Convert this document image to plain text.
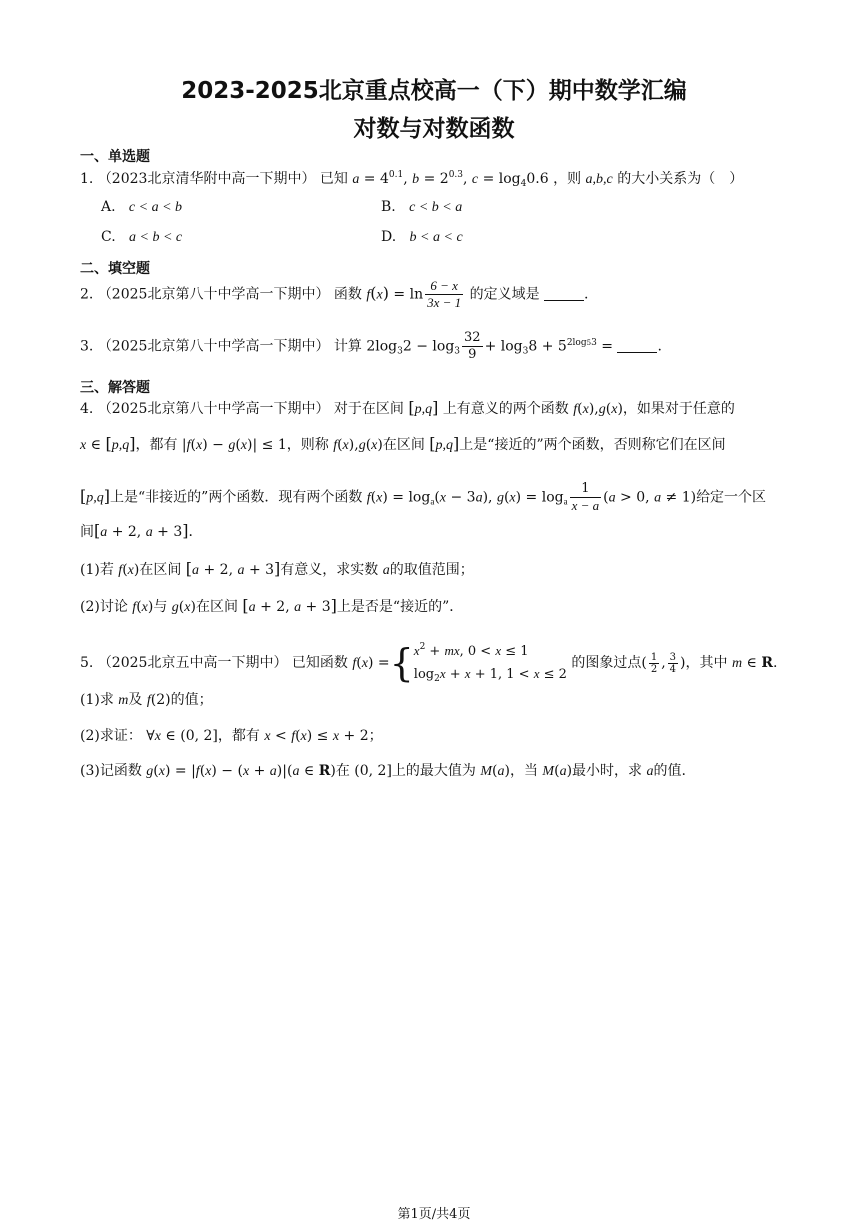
2023-2025北京重点校高一（下）期中数学汇编
对数与对数函数
一、单选题
1. （2023北京清华附中高一下期中） 已知 $a = 4^{0.1}$, $b = 2^{0.3}$, $c = \log_40.6$ ，则 a,b,c 的大小关系为（　）
A. c < a < b	B. c < b < a
C. a < b < c	D. b < a < c
二、填空题
2. （2025北京第八十中学高一下期中） 函数 $f(x) = \ln \frac{6 - x}{3x - 1}$ 的定义域是	.
3. （2025北京第八十中学高一下期中） 计算 $2\log_32 - \log_3 \frac{32}{9} + \log_38 + 5^{2log53}$ =	.
三、解答题
4. （2025北京第八十中学高一下期中） 对于在区间 [p,q] 上有意义的两个函数 f(x),g(x)，如果对于任意的
x ∈ [p,q]，都有 |f(x) − g(x)| ≤ 1，则称 f(x),g(x)在区间 [p,q]上是“接近的”两个函数，否则称它们在区间
[p,q]上是“非接近的”两个函数．现有两个函数 $f(x) = \log_a(x - 3a)$, $g(x) = \log_a \frac{1}{x - a} (a > 0$, a ≠ 1)给定一个区
间[a + 2, a + 3]．
(1)若 f(x)在区间 [a + 2, a + 3]有意义，求实数 a的取值范围；
(2)讨论 f(x)与 g(x)在区间 [a + 2, a + 3]上是否是“接近的”．
5. （2025北京五中高一下期中） 已知函数 $f(x) =\{x^2$ + mx, 0 < x ≤ 1
$\log_2x + x + 1$, 1 < x ≤ 2 的图象过点( $\frac{1}{2}$ , $\frac{3}{4}$ )，其中 m ∈ R.
(1)求 m及 f(2)的值；
(2)求证： ∀x ∈ (0, 2]，都有 x < f(x) ≤ x + 2；
(3)记函数 g(x) = |f(x) − (x + a)|(a ∈ R)在 (0, 2]上的最大值为 M(a)，当 M(a)最小时，求 a的值.
第1页/共4页
